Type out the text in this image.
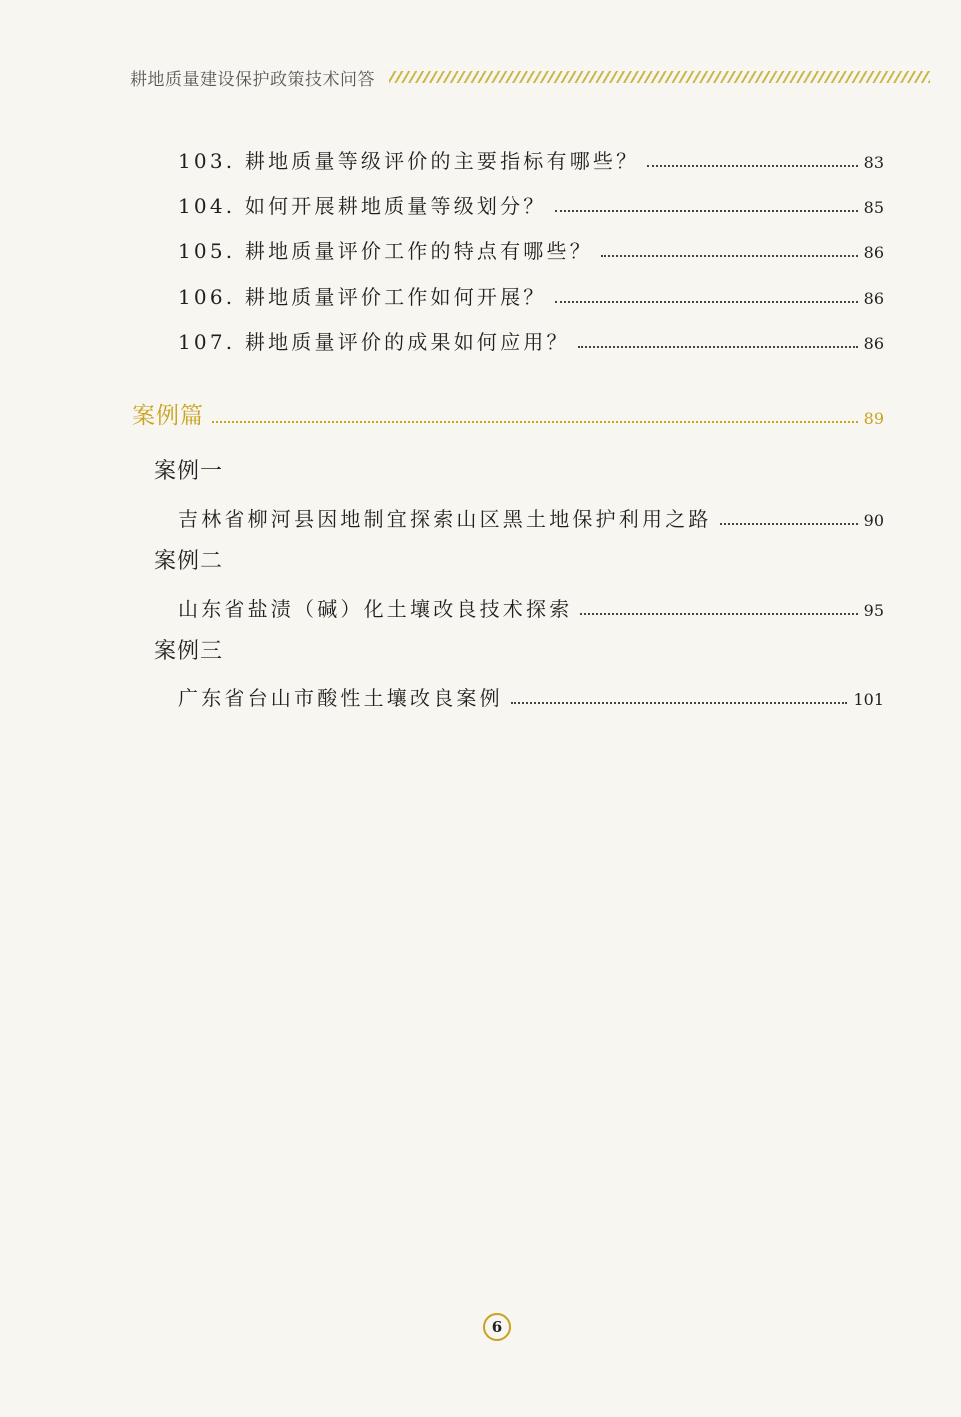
耕地质量建设保护政策技术问答
103. 耕地质量等级评价的主要指标有哪些？	83
104. 如何开展耕地质量等级划分？	85
105. 耕地质量评价工作的特点有哪些？	86
106. 耕地质量评价工作如何开展？	86
107. 耕地质量评价的成果如何应用？	86
案例篇	89
案例一
吉林省柳河县因地制宜探索山区黑土地保护利用之路	90
案例二
山东省盐渍（碱）化土壤改良技术探索	95
案例三
广东省台山市酸性土壤改良案例	101
6
